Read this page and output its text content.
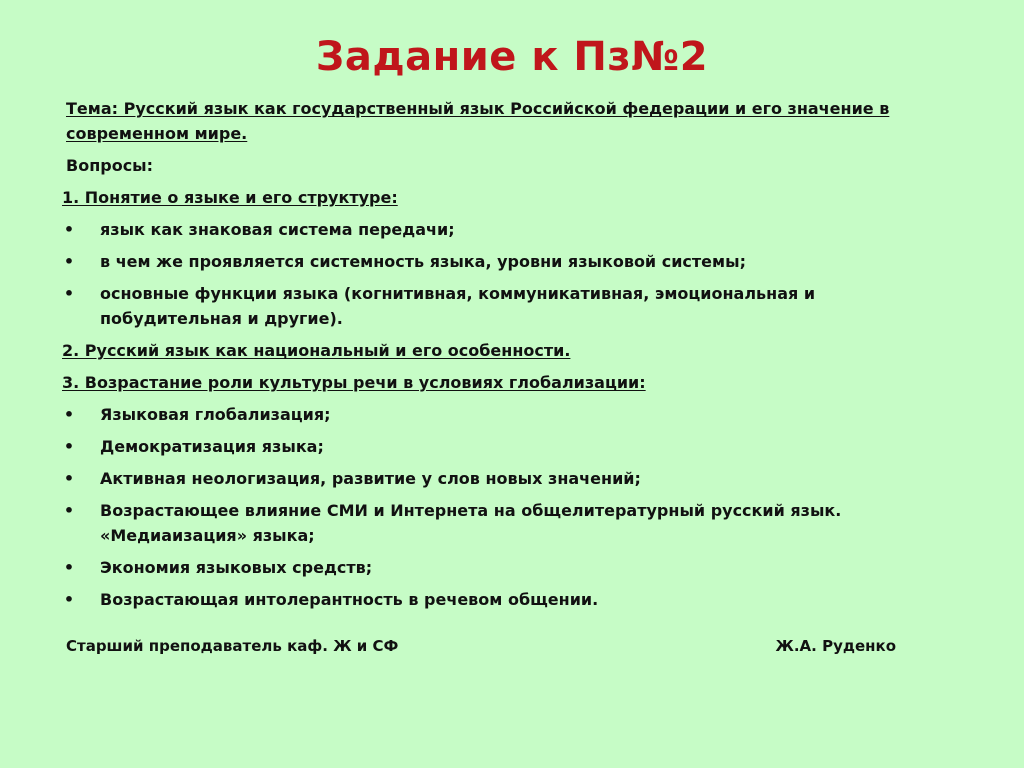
Задание к Пз№2
Тема: Русский язык как государственный язык Российской федерации и его значение в современном мире.
Вопросы:
1. Понятие о языке и его структуре:
• язык как знаковая система передачи;
• в чем же проявляется системность языка, уровни языковой системы;
• основные функции языка (когнитивная, коммуникативная, эмоциональная и побудительная и другие).
2. Русский язык как национальный и его особенности.
3. Возрастание роли культуры речи в условиях глобализации:
• Языковая глобализация;
• Демократизация языка;
• Активная неологизация, развитие у слов новых значений;
• Возрастающее влияние СМИ и Интернета на общелитературный русский язык. «Медиаизация» языка;
• Экономия языковых средств;
• Возрастающая интолерантность в речевом общении.
Старший преподаватель каф. Ж и СФ	Ж.А. Руденко
